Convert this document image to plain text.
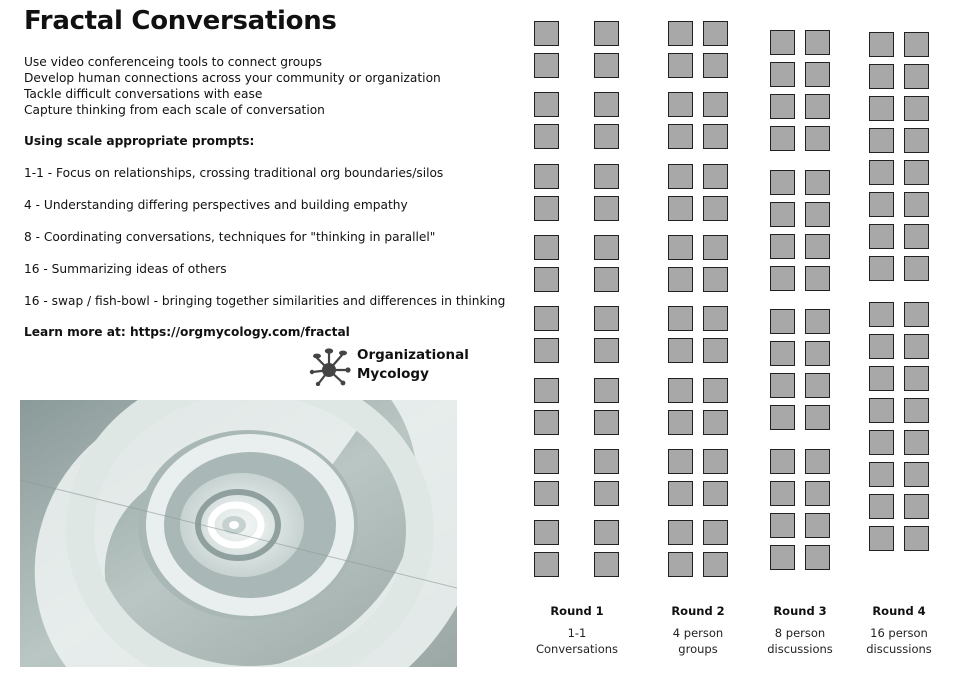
Fractal Conversations
Use video conferenceing tools to connect groups
Develop human connections across your community or organization
Tackle difficult conversations with ease
Capture thinking from each scale of conversation
Using scale appropriate prompts:
1-1 - Focus on relationships, crossing traditional org boundaries/silos
4 - Understanding differing perspectives and building empathy
8 - Coordinating conversations, techniques for "thinking in parallel"
16 - Summarizing ideas of others
16 - swap / fish-bowl - bringing together similarities and differences in thinking
Learn more at: https://orgmycology.com/fractal
Organizational
Mycology
Round 1
1-1
Conversations
Round 2
4 person
groups
Round 3
8 person
discussions
Round 4
16 person
discussions
